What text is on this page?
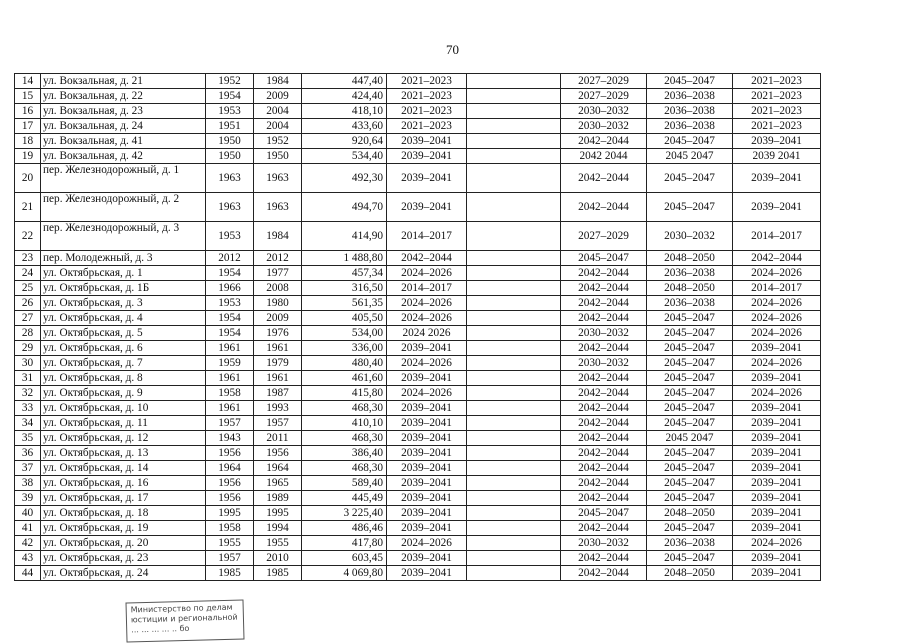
70
14	ул. Вокзальная, д. 21	1952	1984	447,40	2021–2023		2027–2029	2045–2047	2021–2023
15	ул. Вокзальная, д. 22	1954	2009	424,40	2021–2023		2027–2029	2036–2038	2021–2023
16	ул. Вокзальная, д. 23	1953	2004	418,10	2021–2023		2030–2032	2036–2038	2021–2023
17	ул. Вокзальная, д. 24	1951	2004	433,60	2021–2023		2030–2032	2036–2038	2021–2023
18	ул. Вокзальная, д. 41	1950	1952	920,64	2039–2041		2042–2044	2045–2047	2039–2041
19	ул. Вокзальная, д. 42	1950	1950	534,40	2039–2041		2042 2044	2045 2047	2039 2041
20	пер. Железнодорожный, д. 1	1963	1963	492,30	2039–2041		2042–2044	2045–2047	2039–2041
21	пер. Железнодорожный, д. 2	1963	1963	494,70	2039–2041		2042–2044	2045–2047	2039–2041
22	пер. Железнодорожный, д. 3	1953	1984	414,90	2014–2017		2027–2029	2030–2032	2014–2017
23	пер. Молодежный, д. 3	2012	2012	1 488,80	2042–2044		2045–2047	2048–2050	2042–2044
24	ул. Октябрьская, д. 1	1954	1977	457,34	2024–2026		2042–2044	2036–2038	2024–2026
25	ул. Октябрьская, д. 1Б	1966	2008	316,50	2014–2017		2042–2044	2048–2050	2014–2017
26	ул. Октябрьская, д. 3	1953	1980	561,35	2024–2026		2042–2044	2036–2038	2024–2026
27	ул. Октябрьская, д. 4	1954	2009	405,50	2024–2026		2042–2044	2045–2047	2024–2026
28	ул. Октябрьская, д. 5	1954	1976	534,00	2024 2026		2030–2032	2045–2047	2024–2026
29	ул. Октябрьская, д. 6	1961	1961	336,00	2039–2041		2042–2044	2045–2047	2039–2041
30	ул. Октябрьская, д. 7	1959	1979	480,40	2024–2026		2030–2032	2045–2047	2024–2026
31	ул. Октябрьская, д. 8	1961	1961	461,60	2039–2041		2042–2044	2045–2047	2039–2041
32	ул. Октябрьская, д. 9	1958	1987	415,80	2024–2026		2042–2044	2045–2047	2024–2026
33	ул. Октябрьская, д. 10	1961	1993	468,30	2039–2041		2042–2044	2045–2047	2039–2041
34	ул. Октябрьская, д. 11	1957	1957	410,10	2039–2041		2042–2044	2045–2047	2039–2041
35	ул. Октябрьская, д. 12	1943	2011	468,30	2039–2041		2042–2044	2045 2047	2039–2041
36	ул. Октябрьская, д. 13	1956	1956	386,40	2039–2041		2042–2044	2045–2047	2039–2041
37	ул. Октябрьская, д. 14	1964	1964	468,30	2039–2041		2042–2044	2045–2047	2039–2041
38	ул. Октябрьская, д. 16	1956	1965	589,40	2039–2041		2042–2044	2045–2047	2039–2041
39	ул. Октябрьская, д. 17	1956	1989	445,49	2039–2041		2042–2044	2045–2047	2039–2041
40	ул. Октябрьская, д. 18	1995	1995	3 225,40	2039–2041		2045–2047	2048–2050	2039–2041
41	ул. Октябрьская, д. 19	1958	1994	486,46	2039–2041		2042–2044	2045–2047	2039–2041
42	ул. Октябрьская, д. 20	1955	1955	417,80	2024–2026		2030–2032	2036–2038	2024–2026
43	ул. Октябрьская, д. 23	1957	2010	603,45	2039–2041		2042–2044	2045–2047	2039–2041
44	ул. Октябрьская, д. 24	1985	1985	4 069,80	2039–2041		2042–2044	2048–2050	2039–2041
Министерство по делам
юстиции и региональной
... ... ... ... .. бо
